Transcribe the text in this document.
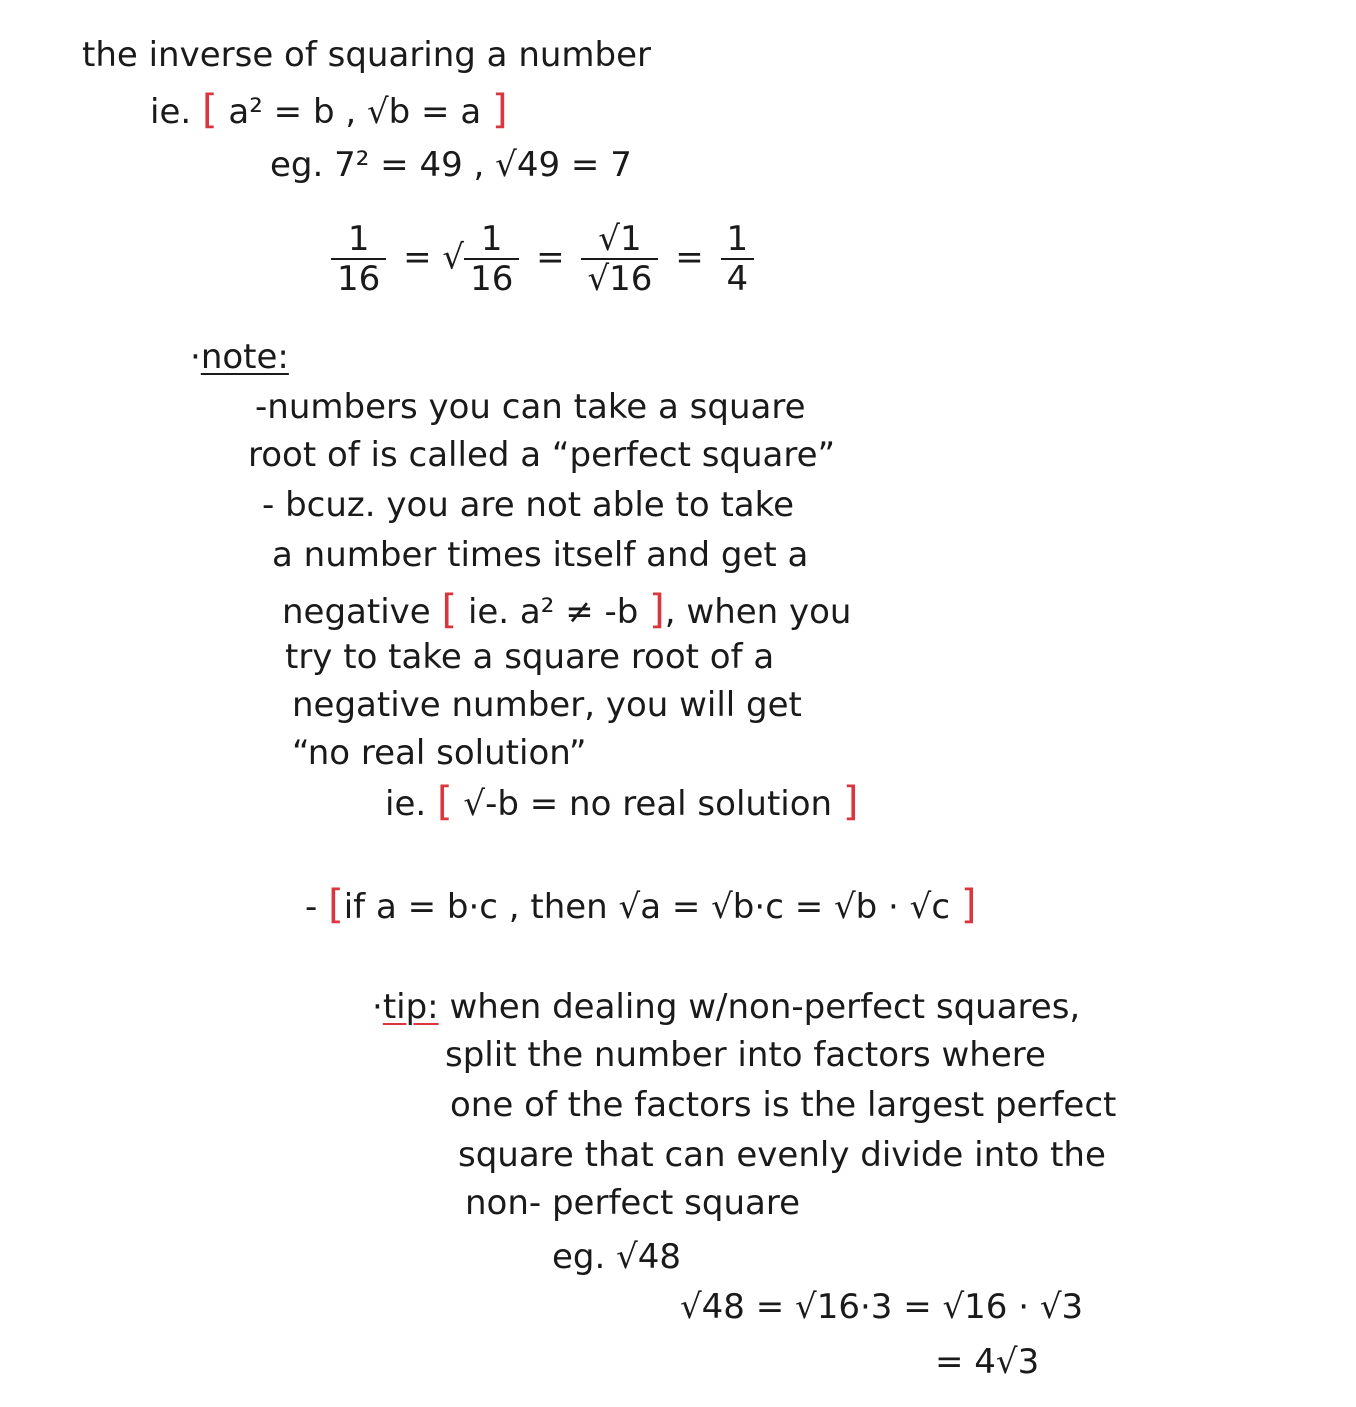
the inverse of squaring a number
ie. [ a² = b , √b = a ]
eg. 7² = 49 , √49 = 7
$\frac{1}{16}$ = √ $\frac{1}{16} = \frac{√1}{√16} = \frac{1}{4}$
·note:
-numbers you can take a square
root of is called a “perfect square”
- bcuz. you are not able to take
a number times itself and get a
negative [ ie. a² ≠ -b ], when you
try to take a square root of a
negative number, you will get
“no real solution”
ie. [ √-b = no real solution ]
- [if a = b·c , then √a = √b·c = √b · √c ]
·tip: when dealing w/non-perfect squares,
split the number into factors where
one of the factors is the largest perfect
square that can evenly divide into the
non- perfect square
eg. √48
√48 = √16·3 = √16 · √3
= 4√3
